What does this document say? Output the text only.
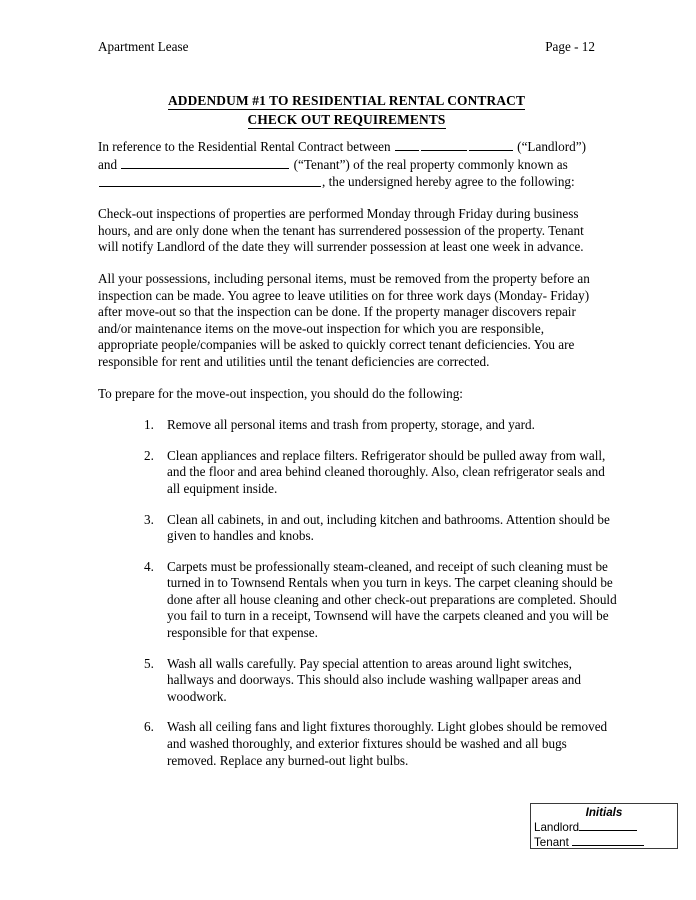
Apartment Lease	Page - 12
ADDENDUM #1 TO RESIDENTIAL RENTAL CONTRACT
CHECK OUT REQUIREMENTS

In reference to the Residential Rental Contract between	(“Landlord”) and	(“Tenant”) of the real property commonly known as , the undersigned hereby agree to the following:

Check-out inspections of properties are performed Monday through Friday during business hours, and are only done when the tenant has surrendered possession of the property. Tenant will notify Landlord of the date they will surrender possession at least one week in advance.

All your possessions, including personal items, must be removed from the property before an inspection can be made. You agree to leave utilities on for three work days (Monday- Friday) after move-out so that the inspection can be done. If the property manager discovers repair and/or maintenance items on the move-out inspection for which you are responsible, appropriate people/companies will be asked to quickly correct tenant deficiencies. You are responsible for rent and utilities until the tenant deficiencies are corrected.

To prepare for the move-out inspection, you should do the following:

1. Remove all personal items and trash from property, storage, and yard.
2. Clean appliances and replace filters. Refrigerator should be pulled away from wall, and the floor and area behind cleaned thoroughly. Also, clean refrigerator seals and all equipment inside.
3. Clean all cabinets, in and out, including kitchen and bathrooms. Attention should be given to handles and knobs.
4. Carpets must be professionally steam-cleaned, and receipt of such cleaning must be turned in to Townsend Rentals when you turn in keys. The carpet cleaning should be done after all house cleaning and other check-out preparations are completed. Should you fail to turn in a receipt, Townsend will have the carpets cleaned and you will be responsible for that expense.
5. Wash all walls carefully. Pay special attention to areas around light switches, hallways and doorways. This should also include washing wallpaper areas and woodwork.
6. Wash all ceiling fans and light fixtures thoroughly. Light globes should be removed and washed thoroughly, and exterior fixtures should be washed and all bugs removed. Replace any burned-out light bulbs.
Initials
Landlord
Tenant
